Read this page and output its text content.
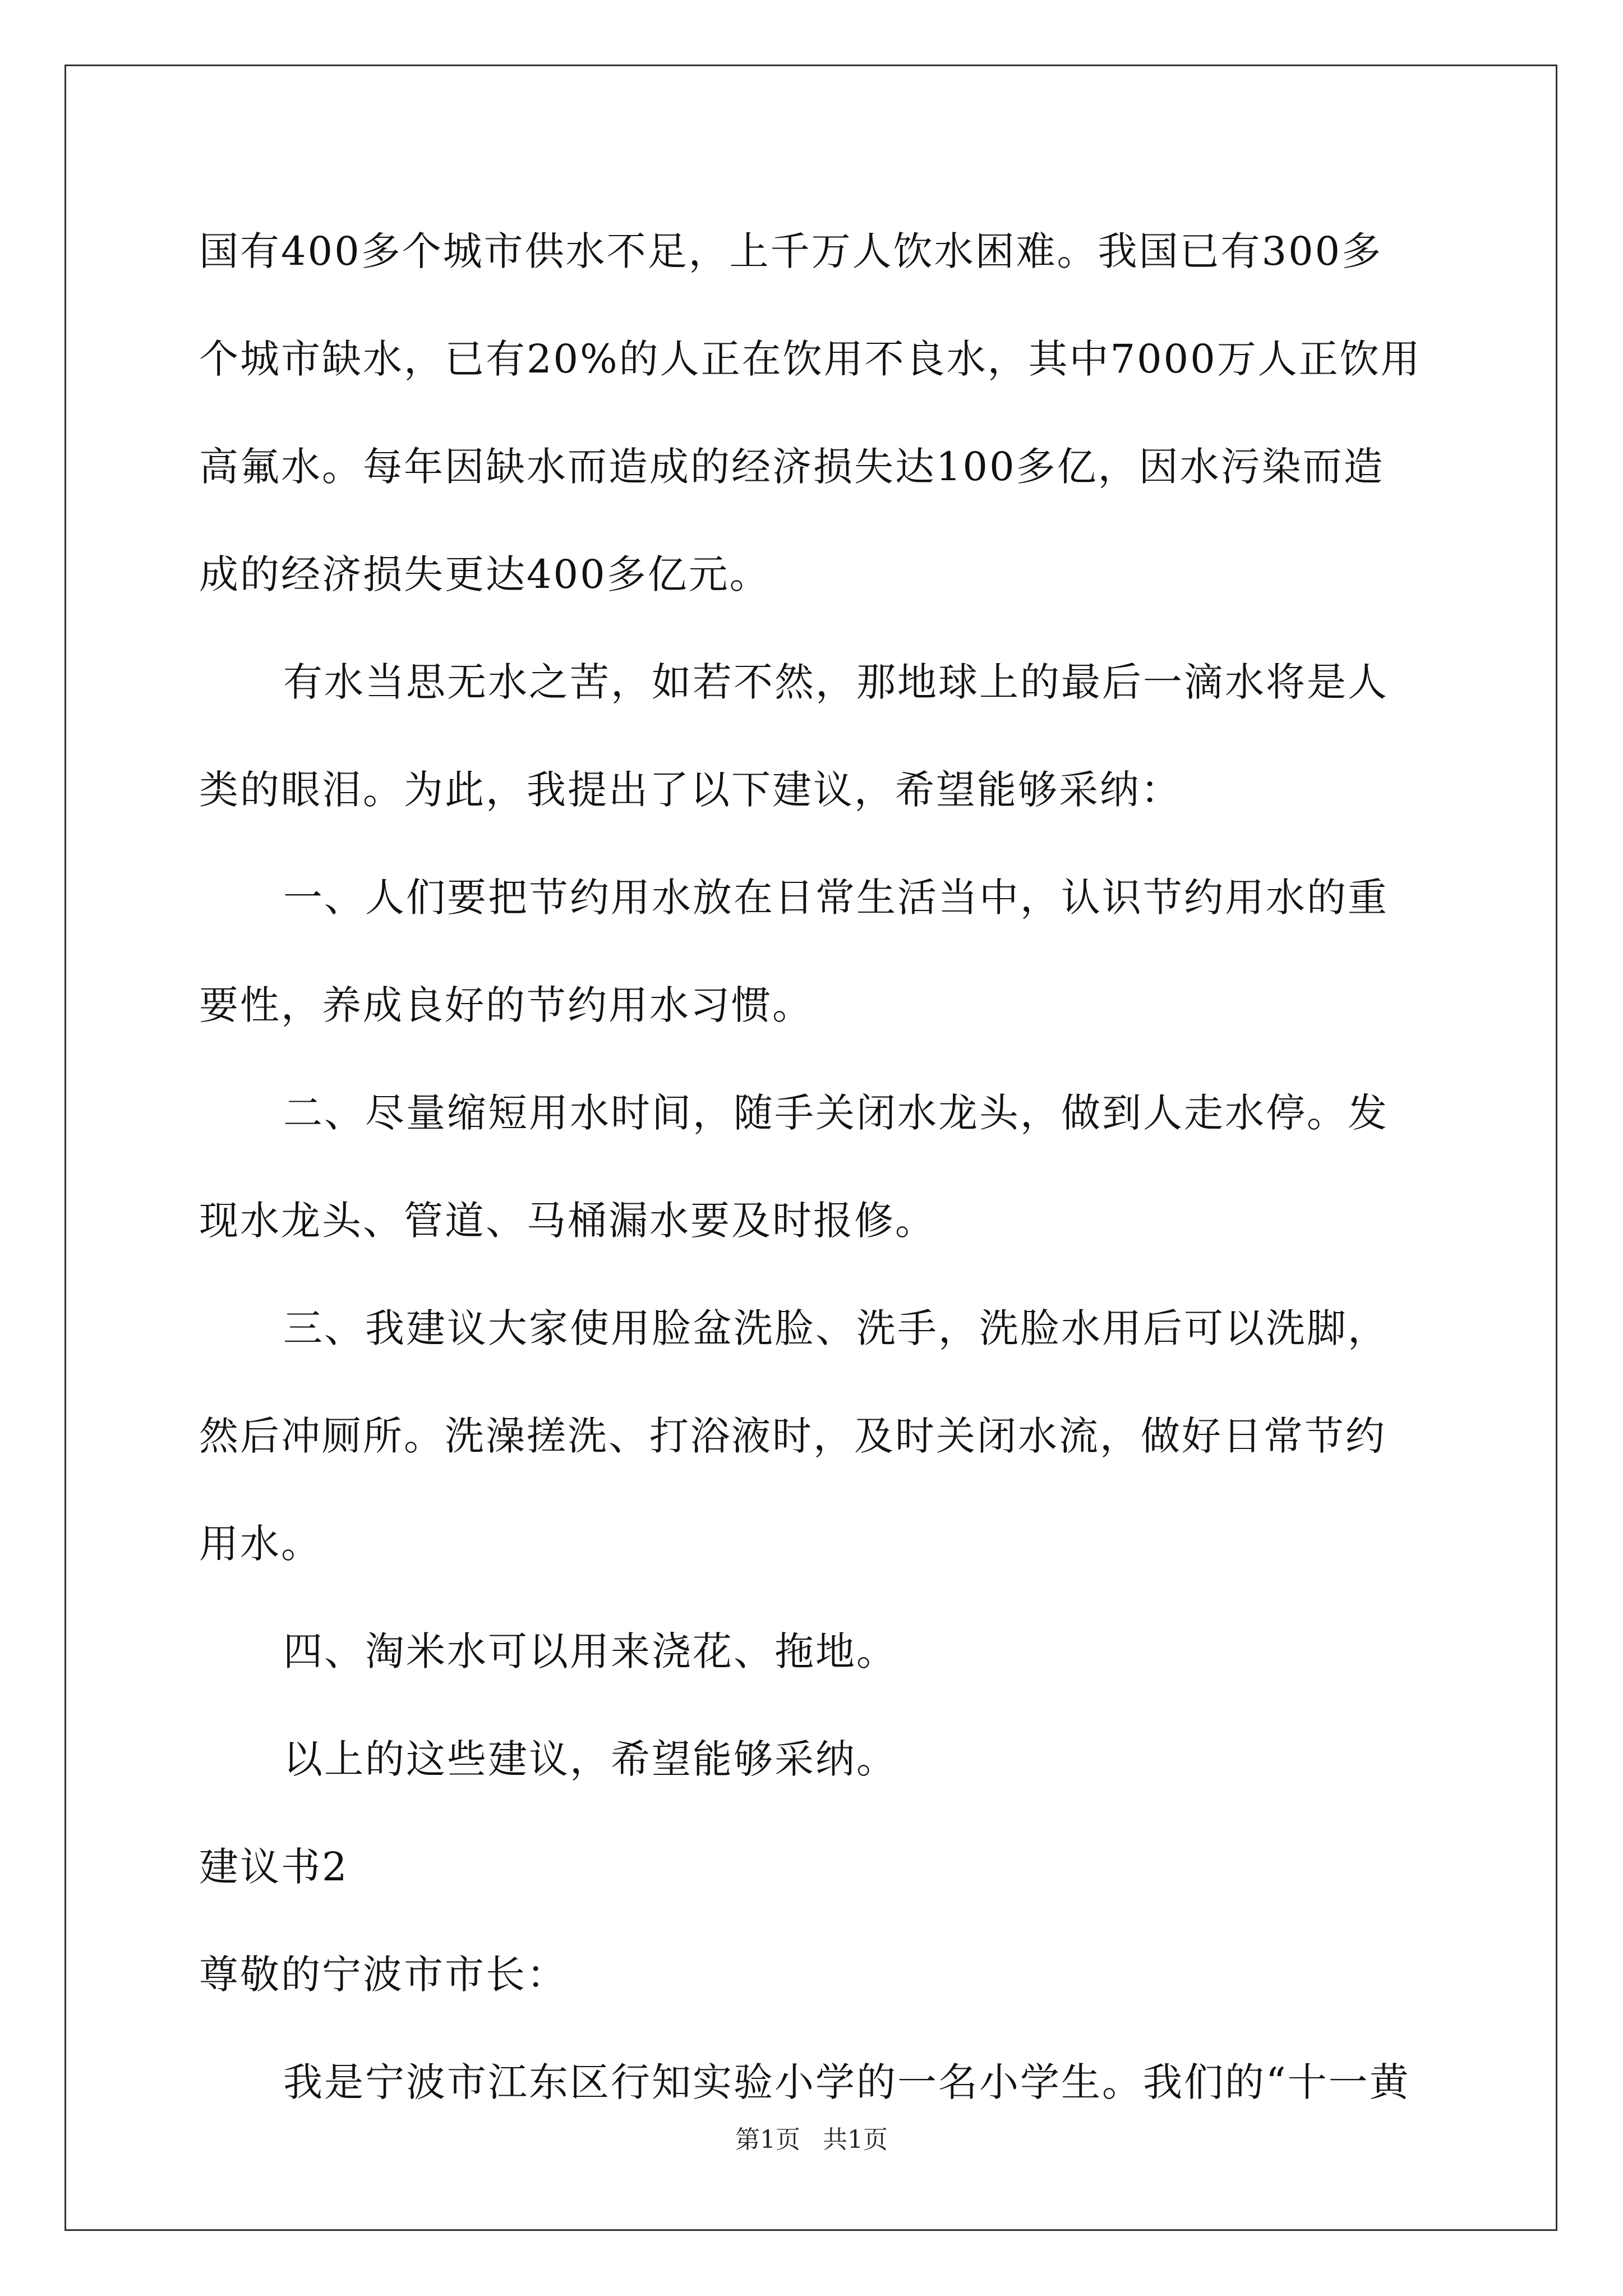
国有400多个城市供水不足，上千万人饮水困难。我国已有300多个城市缺水，已有20%的人正在饮用不良水，其中7000万人正饮用高氟水。每年因缺水而造成的经济损失达100多亿，因水污染而造成的经济损失更达400多亿元。

有水当思无水之苦，如若不然，那地球上的最后一滴水将是人类的眼泪。为此，我提出了以下建议，希望能够采纳：

一、人们要把节约用水放在日常生活当中，认识节约用水的重要性，养成良好的节约用水习惯。

二、尽量缩短用水时间，随手关闭水龙头，做到人走水停。发现水龙头、管道、马桶漏水要及时报修。

三、我建议大家使用脸盆洗脸、洗手，洗脸水用后可以洗脚，然后冲厕所。洗澡搓洗、打浴液时，及时关闭水流，做好日常节约用水。

四、淘米水可以用来浇花、拖地。

以上的这些建议，希望能够采纳。

建议书2

尊敬的宁波市市长：

我是宁波市江东区行知实验小学的一名小学生。我们的“十一黄

第1页 共1页
